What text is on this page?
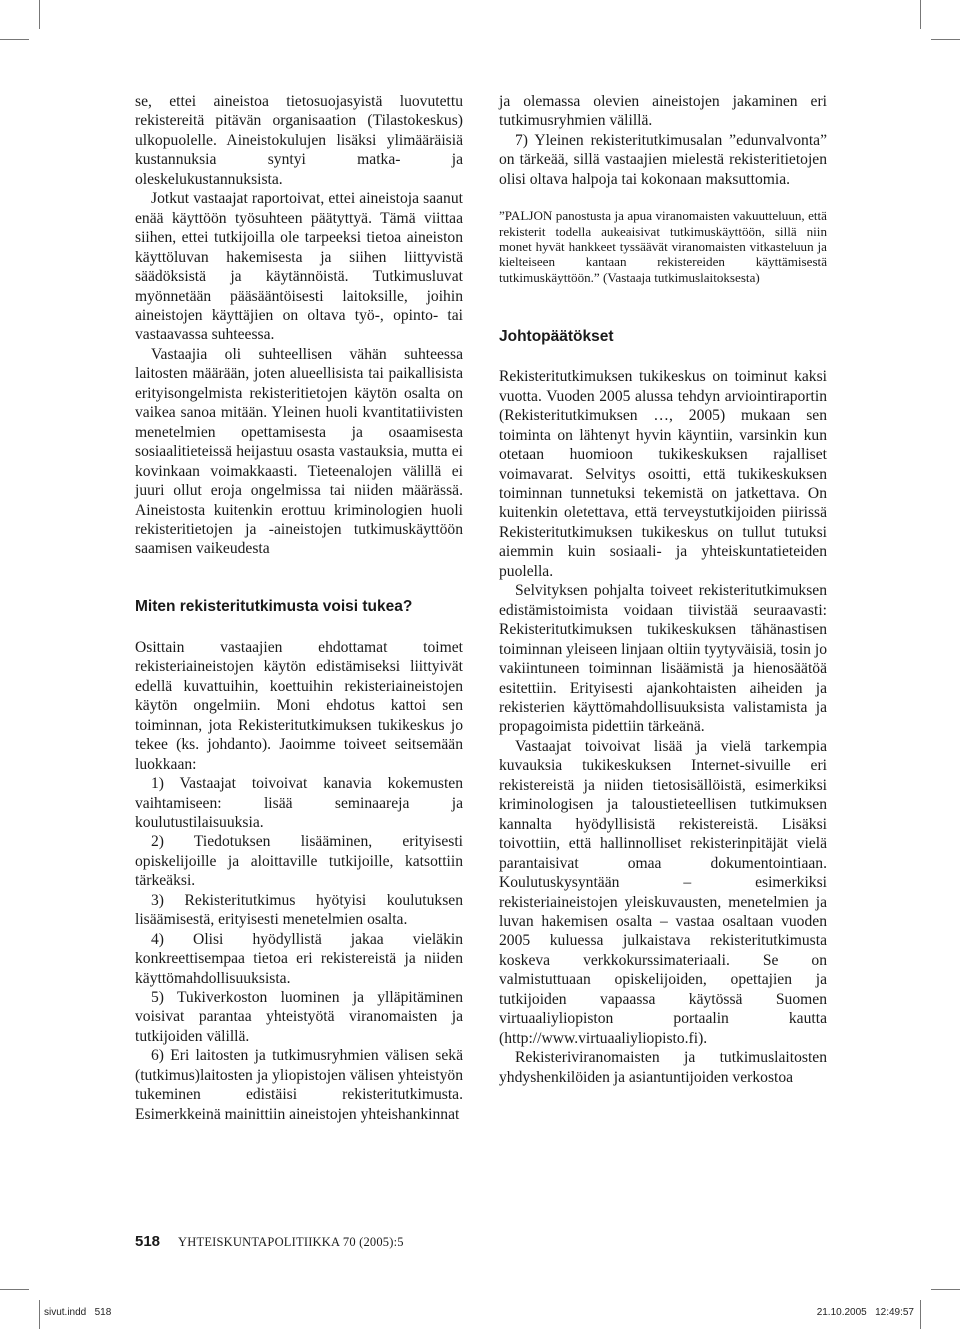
se, ettei aineistoa tietosuojasyistä luovutettu rekistereitä pitävän organisaation (Tilastokeskus) ulkopuolelle. Aineistokulujen lisäksi ylimääräisiä kustannuksia syntyi matka- ja oleskelukustannuksista.

Jotkut vastaajat raportoivat, ettei aineistoja saanut enää käyttöön työsuhteen päätyttyä. Tämä viittaa siihen, ettei tutkijoilla ole tarpeeksi tietoa aineiston käyttöluvan hakemisesta ja siihen liittyvistä säädöksistä ja käytännöistä. Tutkimusluvat myönnetään pääsääntöisesti laitoksille, joihin aineistojen käyttäjien on oltava työ-, opinto- tai vastaavassa suhteessa.

Vastaajia oli suhteellisen vähän suhteessa laitosten määrään, joten alueellisista tai paikallisista erityisongelmista rekisteritietojen käytön osalta on vaikea sanoa mitään. Yleinen huoli kvantitatiivisten menetelmien opettamisesta ja osaamisesta sosiaalitieteissä heijastuu osasta vastauksia, mutta ei kovinkaan voimakkaasti. Tieteenalojen välillä ei juuri ollut eroja ongelmissa tai niiden määrässä. Aineistosta kuitenkin erottuu kriminologien huoli rekisteritietojen ja -aineistojen tutkimuskäyttöön saamisen vaikeudesta

Miten rekisteritutkimusta voisi tukea?

Osittain vastaajien ehdottamat toimet rekisteriaineistojen käytön edistämiseksi liittyivät edellä kuvattuihin, koettuihin rekisteriaineistojen käytön ongelmiin. Moni ehdotus kattoi sen toiminnan, jota Rekisteritutkimuksen tukikeskus jo tekee (ks. johdanto). Jaoimme toiveet seitsemään luokkaan:

1) Vastaajat toivoivat kanavia kokemusten vaihtamiseen: lisää seminaareja ja koulutustilaisuuksia.

2) Tiedotuksen lisääminen, erityisesti opiskelijoille ja aloittaville tutkijoille, katsottiin tärkeäksi.

3) Rekisteritutkimus hyötyisi koulutuksen lisäämisestä, erityisesti menetelmien osalta.

4) Olisi hyödyllistä jakaa vieläkin konkreettisempaa tietoa eri rekistereistä ja niiden käyttömahdollisuuksista.

5) Tukiverkoston luominen ja ylläpitäminen voisivat parantaa yhteistyötä viranomaisten ja tutkijoiden välillä.

6) Eri laitosten ja tutkimusryhmien välisen sekä (tutkimus)laitosten ja yliopistojen välisen yhteistyön tukeminen edistäisi rekisteritutkimusta. Esimerkkeinä mainittiin aineistojen yhteishankinnat

ja olemassa olevien aineistojen jakaminen eri tutkimusryhmien välillä.

7) Yleinen rekisteritutkimusalan ”edunvalvonta” on tärkeää, sillä vastaajien mielestä rekisteritietojen olisi oltava halpoja tai kokonaan maksuttomia.

”PALJON panostusta ja apua viranomaisten vakuutteluun, että rekisterit todella aukeaisivat tutkimuskäyttöön, sillä niin monet hyvät hankkeet tyssäävät viranomaisten vitkasteluun ja kielteiseen kantaan rekistereiden käyttämisestä tutkimuskäyttöön.” (Vastaaja tutkimuslaitoksesta)

Johtopäätökset

Rekisteritutkimuksen tukikeskus on toiminut kaksi vuotta. Vuoden 2005 alussa tehdyn arviointiraportin (Rekisteritutkimuksen …, 2005) mukaan sen toiminta on lähtenyt hyvin käyntiin, varsinkin kun otetaan huomioon tukikeskuksen rajalliset voimavarat. Selvitys osoitti, että tukikeskuksen toiminnan tunnetuksi tekemistä on jatkettava. On kuitenkin oletettava, että terveystutkijoiden piirissä Rekisteritutkimuksen tukikeskus on tullut tutuksi aiemmin kuin sosiaali- ja yhteiskuntatieteiden puolella.

Selvityksen pohjalta toiveet rekisteritutkimuksen edistämistoimista voidaan tiivistää seuraavasti: Rekisteritutkimuksen tukikeskuksen tähänastisen toiminnan yleiseen linjaan oltiin tyytyväisiä, tosin jo vakiintuneen toiminnan lisäämistä ja hienosäätöä esitettiin. Erityisesti ajankohtaisten aiheiden ja rekisterien käyttömahdollisuuksista valistamista ja propagoimista pidettiin tärkeänä.

Vastaajat toivoivat lisää ja vielä tarkempia kuvauksia tukikeskuksen Internet-sivuille eri rekistereistä ja niiden tietosisällöistä, esimerkiksi kriminologisen ja taloustieteellisen tutkimuksen kannalta hyödyllisistä rekistereistä. Lisäksi toivottiin, että hallinnolliset rekisterinpitäjät vielä parantaisivat omaa dokumentointiaan. Koulutuskysyntään – esimerkiksi rekisteriaineistojen yleiskuvausten, menetelmien ja luvan hakemisen osalta – vastaa osaltaan vuoden 2005 kuluessa julkaistava rekisteritutkimusta koskeva verkkokurssimateriaali. Se on valmistuttuaan opiskelijoiden, opettajien ja tutkijoiden vapaassa käytössä Suomen virtuaaliyliopiston portaalin kautta (http://www.virtuaaliyliopisto.fi).

Rekisteriviranomaisten ja tutkimuslaitosten yhdyshenkilöiden ja asiantuntijoiden verkostoa

518 YHTEISKUNTAPOLITIIKKA 70 (2005):5
sivut.indd   518	21.10.2005   12:49:57
